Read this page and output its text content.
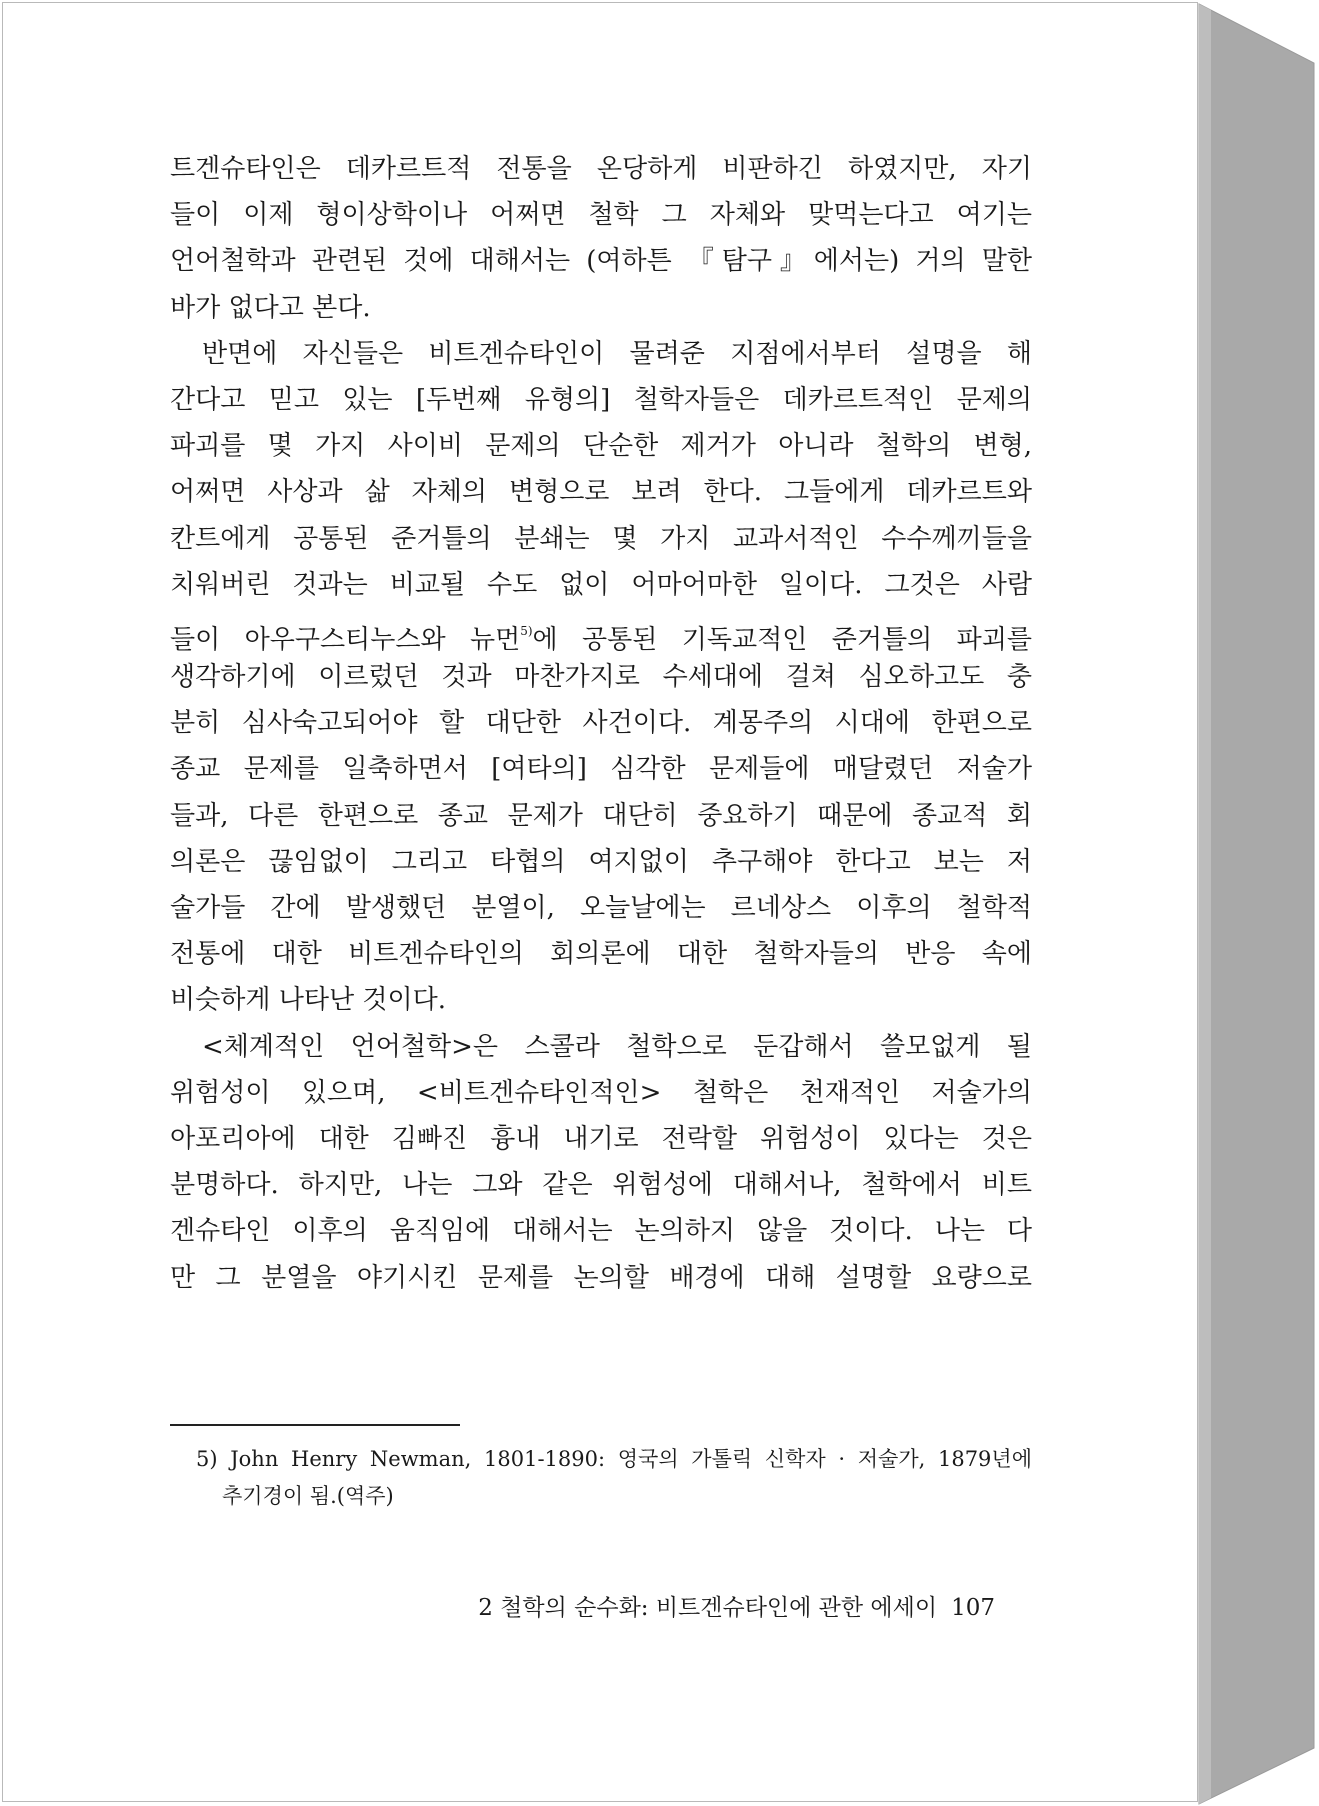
트겐슈타인은 데카르트적 전통을 온당하게 비판하긴 하였지만, 자기
들이 이제 형이상학이나 어쩌면 철학 그 자체와 맞먹는다고 여기는
언어철학과 관련된 것에 대해서는 (여하튼 『탐구』에서는) 거의 말한
바가 없다고 본다.
반면에 자신들은 비트겐슈타인이 물려준 지점에서부터 설명을 해
간다고 믿고 있는 [두번째 유형의] 철학자들은 데카르트적인 문제의
파괴를 몇 가지 사이비 문제의 단순한 제거가 아니라 철학의 변형,
어쩌면 사상과 삶 자체의 변형으로 보려 한다. 그들에게 데카르트와
칸트에게 공통된 준거틀의 분쇄는 몇 가지 교과서적인 수수께끼들을
치워버린 것과는 비교될 수도 없이 어마어마한 일이다. 그것은 사람
들이 아우구스티누스와 뉴먼$^{5)}$에 공통된 기독교적인 준거틀의 파괴를
생각하기에 이르렀던 것과 마찬가지로 수세대에 걸쳐 심오하고도 충
분히 심사숙고되어야 할 대단한 사건이다. 계몽주의 시대에 한편으로
종교 문제를 일축하면서 [여타의] 심각한 문제들에 매달렸던 저술가
들과, 다른 한편으로 종교 문제가 대단히 중요하기 때문에 종교적 회
의론은 끊임없이 그리고 타협의 여지없이 추구해야 한다고 보는 저
술가들 간에 발생했던 분열이, 오늘날에는 르네상스 이후의 철학적
전통에 대한 비트겐슈타인의 회의론에 대한 철학자들의 반응 속에
비슷하게 나타난 것이다.
<체계적인 언어철학>은 스콜라 철학으로 둔갑해서 쓸모없게 될
위험성이 있으며, <비트겐슈타인적인> 철학은 천재적인 저술가의
아포리아에 대한 김빠진 흉내 내기로 전락할 위험성이 있다는 것은
분명하다. 하지만, 나는 그와 같은 위험성에 대해서나, 철학에서 비트
겐슈타인 이후의 움직임에 대해서는 논의하지 않을 것이다. 나는 다
만 그 분열을 야기시킨 문제를 논의할 배경에 대해 설명할 요량으로
5) John Henry Newman, 1801-1890: 영국의 가톨릭 신학자 · 저술가, 1879년에
추기경이 됨.(역주)
2 철학의 순수화: 비트겐슈타인에 관한 에세이 107
